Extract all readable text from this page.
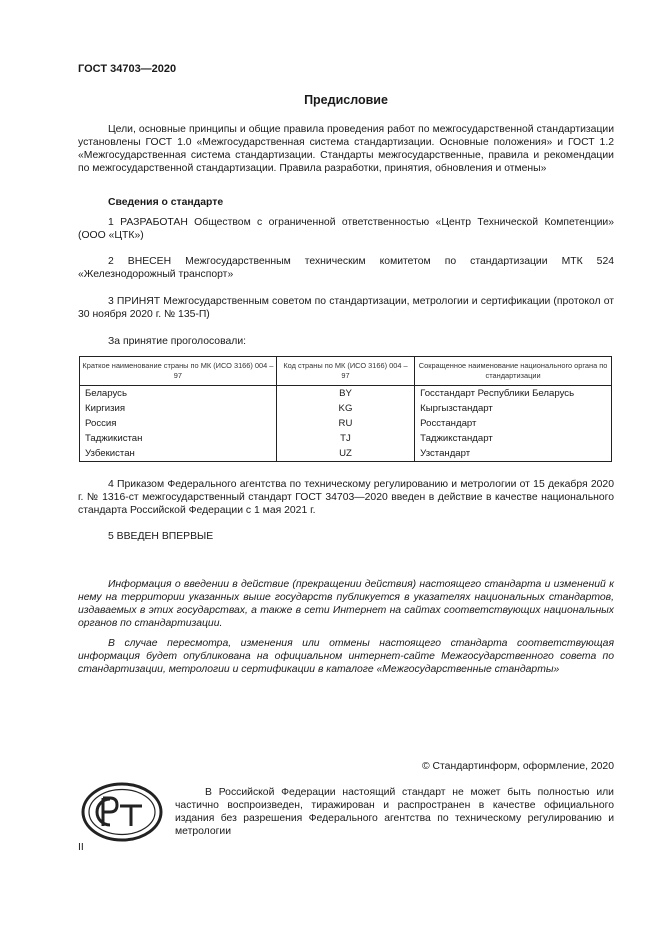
ГОСТ 34703—2020
Предисловие
Цели, основные принципы и общие правила проведения работ по межгосударственной стандартизации установлены ГОСТ 1.0 «Межгосударственная система стандартизации. Основные положения» и ГОСТ 1.2 «Межгосударственная система стандартизации. Стандарты межгосударственные, правила и рекомендации по межгосударственной стандартизации. Правила разработки, принятия, обновления и отмены»
Сведения о стандарте
1 РАЗРАБОТАН Обществом с ограниченной ответственностью «Центр Технической Компетенции» (ООО «ЦТК»)
2 ВНЕСЕН Межгосударственным техническим комитетом по стандартизации МТК 524 «Железнодорожный транспорт»
3 ПРИНЯТ Межгосударственным советом по стандартизации, метрологии и сертификации (протокол от 30 ноября 2020 г. № 135-П)
За принятие проголосовали:
Краткое наименование страны по МК (ИСО 3166) 004 – 97	Код страны по МК (ИСО 3166) 004 – 97	Сокращенное наименование национального органа по стандартизации
Беларусь	BY	Госстандарт Республики Беларусь
Киргизия	KG	Кыргызстандарт
Россия	RU	Росстандарт
Таджикистан	TJ	Таджикстандарт
Узбекистан	UZ	Узстандарт
4 Приказом Федерального агентства по техническому регулированию и метрологии от 15 декабря 2020 г. № 1316-ст межгосударственный стандарт ГОСТ 34703—2020 введен в действие в качестве национального стандарта Российской Федерации с 1 мая 2021 г.
5 ВВЕДЕН ВПЕРВЫЕ
Информация о введении в действие (прекращении действия) настоящего стандарта и изменений к нему на территории указанных выше государств публикуется в указателях национальных стандартов, издаваемых в этих государствах, а также в сети Интернет на сайтах соответствующих национальных органов по стандартизации.
В случае пересмотра, изменения или отмены настоящего стандарта соответствующая информация будет опубликована на официальном интернет-сайте Межгосударственного совета по стандартизации, метрологии и сертификации в каталоге «Межгосударственные стандарты»
© Стандартинформ, оформление, 2020
В Российской Федерации настоящий стандарт не может быть полностью или частично воспроизведен, тиражирован и распространен в качестве официального издания без разрешения Федерального агентства по техническому регулированию и метрологии
II
